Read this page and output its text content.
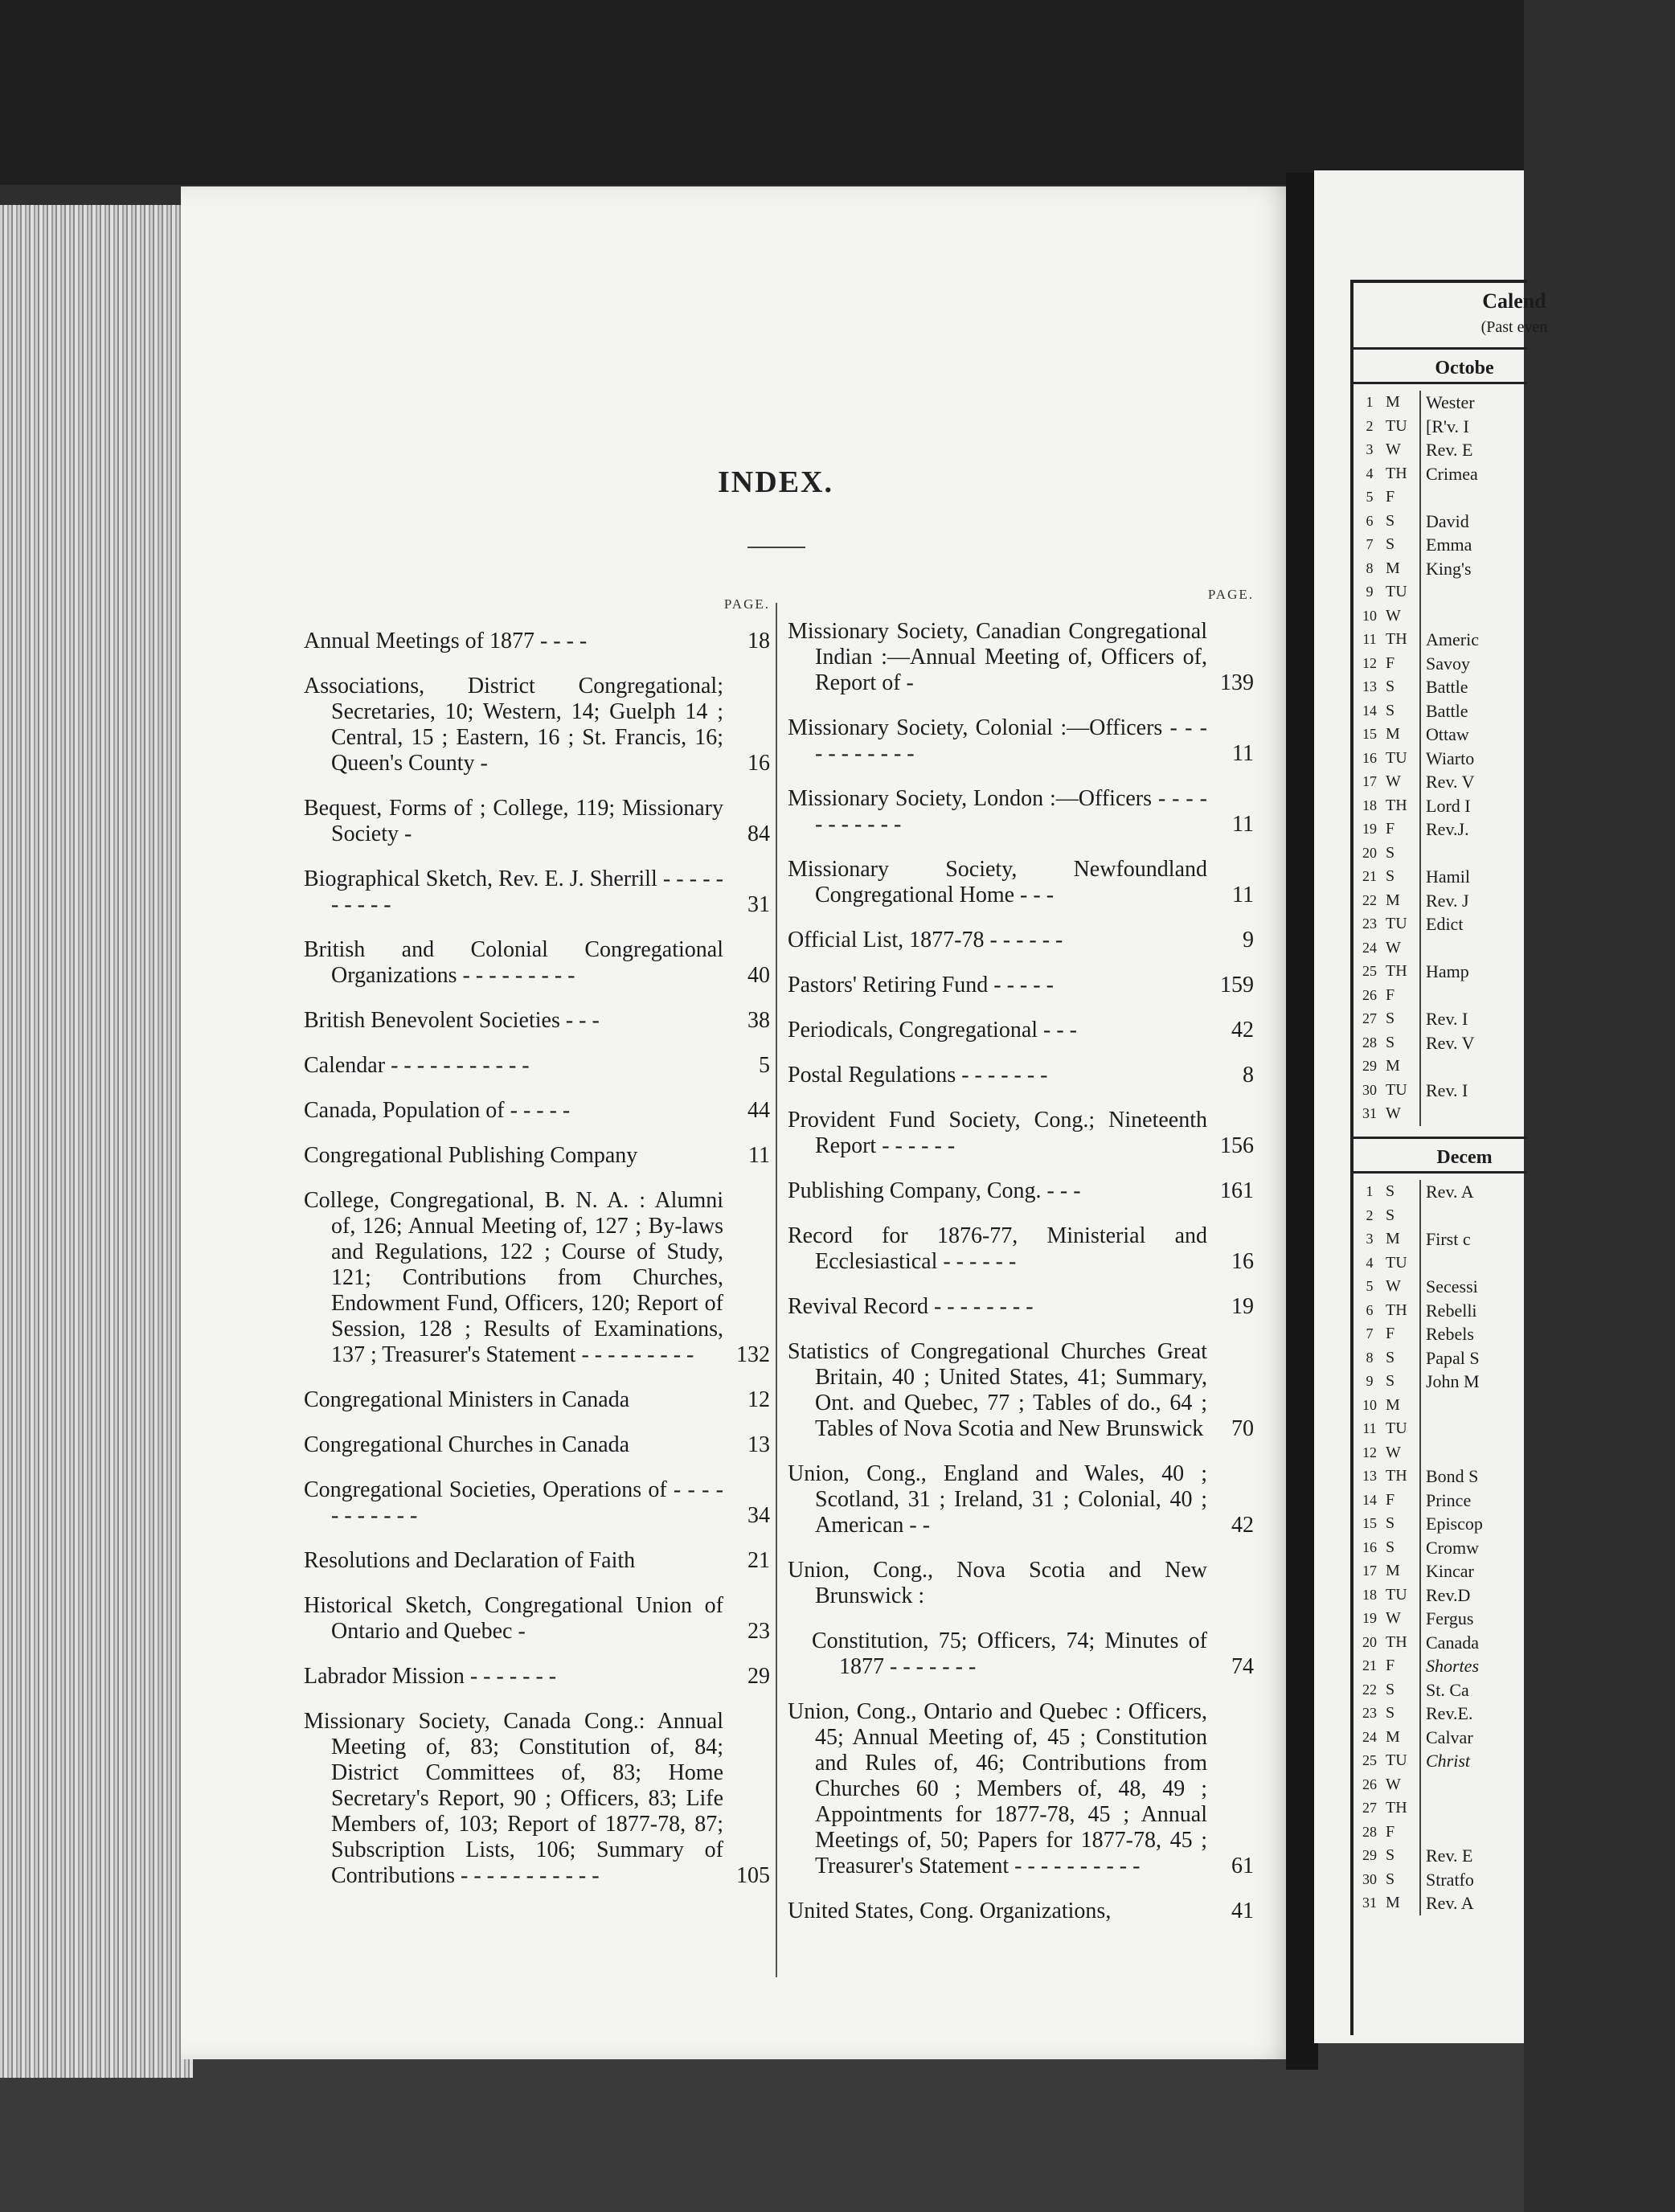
INDEX.
PAGE.
Annual Meetings of 1877 - - - -	18
Associations, District Congregational; Secretaries, 10; Western, 14; Guelph 14 ; Central, 15 ; Eastern, 16 ; St. Francis, 16; Queen's County -	16
Bequest, Forms of ; College, 119; Missionary Society -	84
Biographical Sketch, Rev. E. J. Sherrill - - - - - - - - - -	31
British and Colonial Congregational Organizations - - - - - - - - -	40
British Benevolent Societies - - -	38
Calendar - - - - - - - - - - -	5
Canada, Population of - - - - -	44
Congregational Publishing Company	11
College, Congregational, B. N. A. : Alumni of, 126; Annual Meeting of, 127 ; By-laws and Regulations, 122 ; Course of Study, 121; Contributions from Churches, Endowment Fund, Officers, 120; Report of Session, 128 ; Results of Examinations, 137 ; Treasurer's Statement - - - - - - - - -	132
Congregational Ministers in Canada	12
Congregational Churches in Canada	13
Congregational Societies, Operations of - - - - - - - - - - -	34
Resolutions and Declaration of Faith	21
Historical Sketch, Congregational Union of Ontario and Quebec -	23
Labrador Mission - - - - - - -	29
Missionary Society, Canada Cong.: Annual Meeting of, 83; Constitution of, 84; District Committees of, 83; Home Secretary's Report, 90 ; Officers, 83; Life Members of, 103; Report of 1877-78, 87; Subscription Lists, 106; Summary of Contributions - - - - - - - - - - -	105
PAGE.
Missionary Society, Canadian Congregational Indian :—Annual Meeting of, Officers of, Report of -	139
Missionary Society, Colonial :—Officers - - - - - - - - - - -	11
Missionary Society, London :—Officers - - - - - - - - - - -	11
Missionary Society, Newfoundland Congregational Home - - -	11
Official List, 1877-78 - - - - - -	9
Pastors' Retiring Fund - - - - -	159
Periodicals, Congregational - - -	42
Postal Regulations - - - - - - -	8
Provident Fund Society, Cong.; Nineteenth Report - - - - - -	156
Publishing Company, Cong. - - -	161
Record for 1876-77, Ministerial and Ecclesiastical - - - - - -	16
Revival Record - - - - - - - -	19
Statistics of Congregational Churches Great Britain, 40 ; United States, 41; Summary, Ont. and Quebec, 77 ; Tables of do., 64 ; Tables of Nova Scotia and New Brunswick	70
Union, Cong., England and Wales, 40 ; Scotland, 31 ; Ireland, 31 ; Colonial, 40 ; American - -	42
Union, Cong., Nova Scotia and New Brunswick :
Constitution, 75; Officers, 74; Minutes of 1877 - - - - - - -	74
Union, Cong., Ontario and Quebec : Officers, 45; Annual Meeting of, 45 ; Constitution and Rules of, 46; Contributions from Churches 60 ; Members of, 48, 49 ; Appointments for 1877-78, 45 ; Annual Meetings of, 50; Papers for 1877-78, 45 ; Treasurer's Statement - - - - - - - - - -	61
United States, Cong. Organizations,	41
Calend
(Past even
Octobe
1 M	Wester
2 TU	[R'v. I
3 W	Rev. E
4 TH	Crimea
5 F
6 S	David
7 S	Emma
8 M	King's
9 TU
10 W
11 TH	Americ
12 F	Savoy
13 S	Battle
14 S	Battle
15 M	Ottaw
16 TU	Wiarto
17 W	Rev. V
18 TH	Lord I
19 F	Rev.J.
20 S
21 S	Hamil
22 M	Rev. J
23 TU	Edict
24 W
25 TH	Hamp
26 F
27 S	Rev. I
28 S	Rev. V
29 M
30 TU	Rev. I
31 W
Decem
1 S	Rev. A
2 S
3 M	First c
4 TU
5 W	Secessi
6 TH	Rebelli
7 F	Rebels
8 S	Papal S
9 S	John M
10 M
11 TU
12 W
13 TH	Bond S
14 F	Prince
15 S	Episcop
16 S	Cromw
17 M	Kincar
18 TU	Rev.D
19 W	Fergus
20 TH	Canada
21 F	Shortes
22 S	St. Ca
23 S	Rev.E.
24 M	Calvar
25 TU	Christ
26 W
27 TH
28 F
29 S	Rev. E
30 S	Stratfo
31 M	Rev. A
